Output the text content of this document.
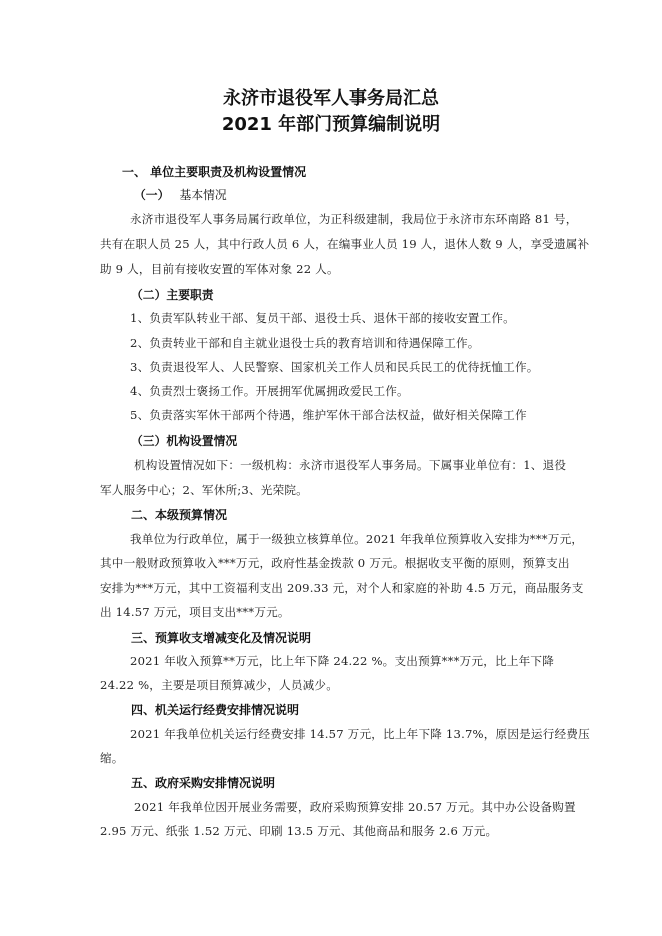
永济市退役军人事务局汇总
2021 年部门预算编制说明
一、 单位主要职责及机构设置情况
（一） 基本情况
永济市退役军人事务局属行政单位，为正科级建制，我局位于永济市东环南路 81 号，
共有在职人员 25 人，其中行政人员 6 人，在编事业人员 19 人，退休人数 9 人，享受遗属补
助 9 人，目前有接收安置的军体对象 22 人。
（二）主要职责
1、负责军队转业干部、复员干部、退役士兵、退休干部的接收安置工作。
2、负责转业干部和自主就业退役士兵的教育培训和待遇保障工作。
3、负责退役军人、人民警察、国家机关工作人员和民兵民工的优待抚恤工作。
4、负责烈士褒扬工作。开展拥军优属拥政爱民工作。
5、负责落实军休干部两个待遇，维护军休干部合法权益，做好相关保障工作
（三）机构设置情况
机构设置情况如下：一级机构：永济市退役军人事务局。下属事业单位有：1、退役
军人服务中心；2、军休所;3、光荣院。
二、本级预算情况
我单位为行政单位，属于一级独立核算单位。2021 年我单位预算收入安排为***万元，
其中一般财政预算收入***万元，政府性基金拨款 0 万元。根据收支平衡的原则，预算支出
安排为***万元，其中工资福利支出 209.33 元，对个人和家庭的补助 4.5 万元，商品服务支
出 14.57 万元，项目支出***万元。
三、预算收支增减变化及情况说明
2021 年收入预算**万元，比上年下降 24.22 %。支出预算***万元，比上年下降
24.22 %，主要是项目预算减少，人员减少。
四、机关运行经费安排情况说明
2021 年我单位机关运行经费安排 14.57 万元，比上年下降 13.7%，原因是运行经费压
缩。
五、政府采购安排情况说明
2021 年我单位因开展业务需要，政府采购预算安排 20.57 万元。其中办公设备购置
2.95 万元、纸张 1.52 万元、印刷 13.5 万元、其他商品和服务 2.6 万元。
